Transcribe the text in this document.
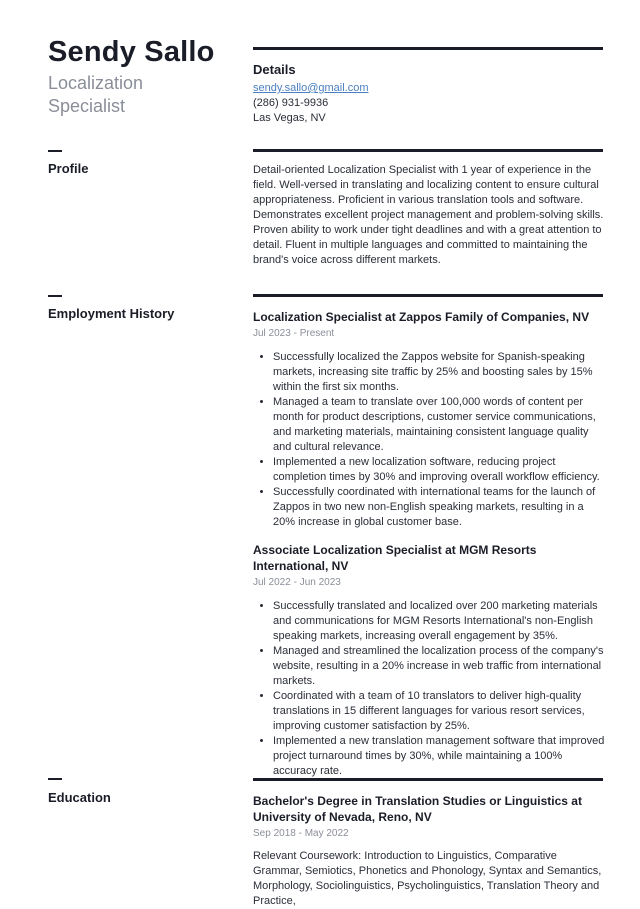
Sendy Sallo
Localization Specialist
Details
sendy.sallo@gmail.com
(286) 931-9936
Las Vegas, NV
Profile	Detail-oriented Localization Specialist with 1 year of experience in the field. Well-versed in translating and localizing content to ensure cultural appropriateness. Proficient in various translation tools and software. Demonstrates excellent project management and problem-solving skills. Proven ability to work under tight deadlines and with a great attention to detail. Fluent in multiple languages and committed to maintaining the brand's voice across different markets.
Employment History	Localization Specialist at Zappos Family of Companies, NV
Jul 2023 - Present
• Successfully localized the Zappos website for Spanish-speaking markets, increasing site traffic by 25% and boosting sales by 15% within the first six months.
• Managed a team to translate over 100,000 words of content per month for product descriptions, customer service communications, and marketing materials, maintaining consistent language quality and cultural relevance.
• Implemented a new localization software, reducing project completion times by 30% and improving overall workflow efficiency.
• Successfully coordinated with international teams for the launch of Zappos in two new non-English speaking markets, resulting in a 20% increase in global customer base.
Associate Localization Specialist at MGM Resorts International, NV
Jul 2022 - Jun 2023
• Successfully translated and localized over 200 marketing materials and communications for MGM Resorts International's non-English speaking markets, increasing overall engagement by 35%.
• Managed and streamlined the localization process of the company's website, resulting in a 20% increase in web traffic from international markets.
• Coordinated with a team of 10 translators to deliver high-quality translations in 15 different languages for various resort services, improving customer satisfaction by 25%.
• Implemented a new translation management software that improved project turnaround times by 30%, while maintaining a 100% accuracy rate.
Education	Bachelor's Degree in Translation Studies or Linguistics at University of Nevada, Reno, NV
Sep 2018 - May 2022
Relevant Coursework: Introduction to Linguistics, Comparative Grammar, Semiotics, Phonetics and Phonology, Syntax and Semantics, Morphology, Sociolinguistics, Psycholinguistics, Translation Theory and Practice,
